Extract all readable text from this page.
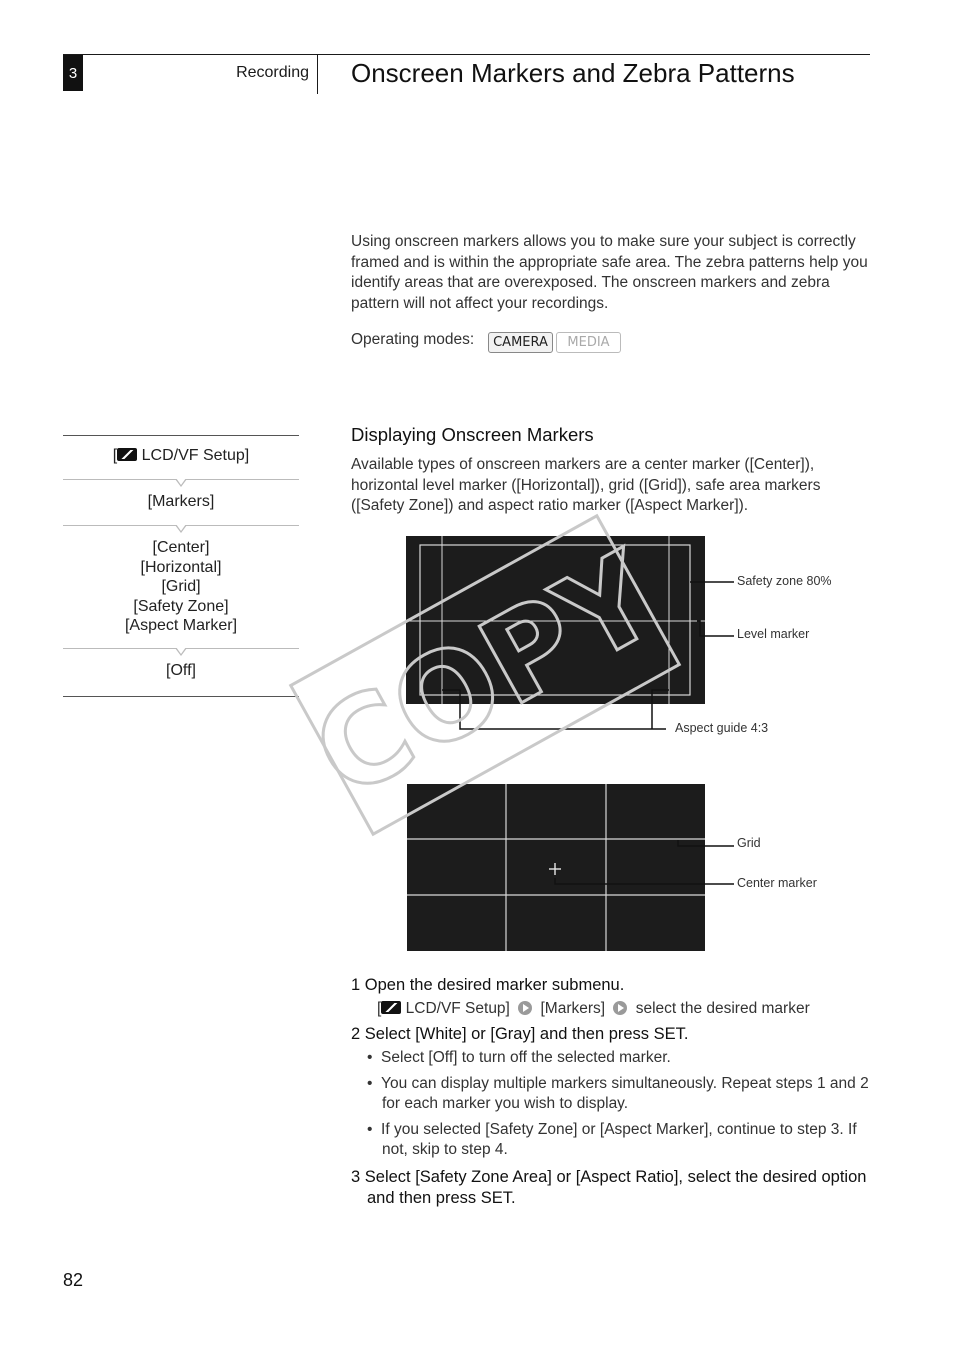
3	Recording Onscreen Markers and Zebra Patterns

Using onscreen markers allows you to make sure your subject is correctly framed and is within the appropriate safe area. The zebra patterns help you identify areas that are overexposed. The onscreen markers and zebra pattern will not affect your recordings.

Operating modes:	CAMERA	MEDIA
[ LCD/VF Setup]
[Markers]
[Center]
[Horizontal]
[Grid]
[Safety Zone]
[Aspect Marker]
[Off]
Displaying Onscreen Markers

Available types of onscreen markers are a center marker ([Center]), horizontal level marker ([Horizontal]), grid ([Grid]), safe area markers ([Safety Zone]) and aspect ratio marker ([Aspect Marker]).

Safety zone 80%
Level marker
Aspect guide 4:3
Grid
Center marker
1 Open the desired marker submenu.
[ LCD/VF Setup] [Markers] select the desired marker
2 Select [White] or [Gray] and then press SET.
•  Select [Off] to turn off the selected marker.
•  You can display multiple markers simultaneously. Repeat steps 1 and 2 for each marker you wish to display.
•  If you selected [Safety Zone] or [Aspect Marker], continue to step 3. If not, skip to step 4.
3 Select [Safety Zone Area] or [Aspect Ratio], select the desired option and then press SET.
COPY
82
